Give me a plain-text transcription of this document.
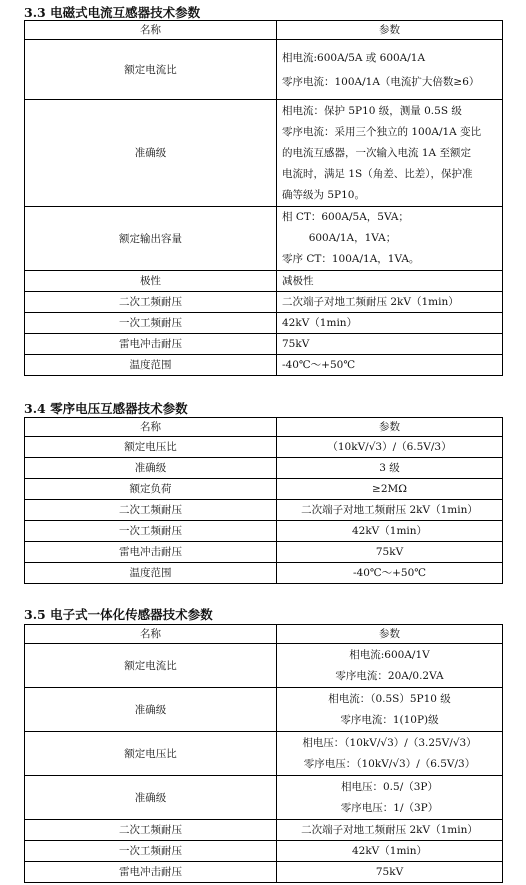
3.3 电磁式电流互感器技术参数
名称	参数
额定电流比	相电流:600A/5A 或 600A/1A
零序电流：100A/1A（电流扩大倍数≥6）

准确级	相电流：保护 5P10 级，测量 0.5S 级
零序电流：采用三个独立的 100A/1A 变比
的电流互感器，一次输入电流 1A 至额定
电流时，满足 1S（角差、比差），保护准
确等级为 5P10。

额定输出容量	相 CT：600A/5A，5VA；
600A/1A，1VA；
零序 CT：100A/1A，1VA。

极性	减极性
二次工频耐压	二次端子对地工频耐压 2kV（1min）
一次工频耐压	42kV（1min）
雷电冲击耐压	75kV
温度范围	-40℃～+50℃
3.4 零序电压互感器技术参数
名称	参数
额定电压比	（10kV/√3）/（6.5V/3）
准确级	3 级
额定负荷	≥2MΩ
二次工频耐压	二次端子对地工频耐压 2kV（1min）
一次工频耐压	42kV（1min）
雷电冲击耐压	75kV
温度范围	-40℃～+50℃
3.5 电子式一体化传感器技术参数
名称	参数
额定电流比	相电流:600A/1V
零序电流：20A/0.2VA

准确级	相电流：（0.5S）5P10 级
零序电流：1(10P)级

额定电压比	相电压：（10kV/√3）/（3.25V/√3）
零序电压：（10kV/√3）/（6.5V/3）

准确级	相电压：0.5/（3P）
零序电压：1/（3P）

二次工频耐压	二次端子对地工频耐压 2kV（1min）
一次工频耐压	42kV（1min）
雷电冲击耐压	75kV
